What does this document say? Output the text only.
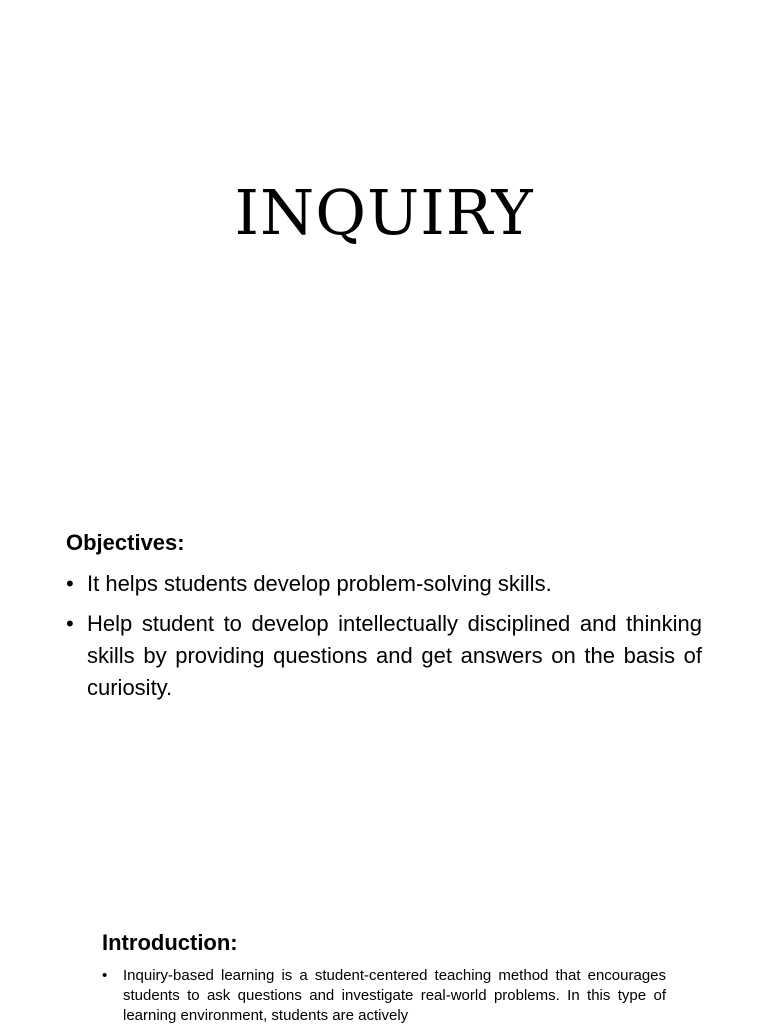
INQUIRY
Objectives:
• It helps students develop problem-solving skills.
• Help student to develop intellectually disciplined and thinking skills by providing questions and get answers on the basis of curiosity.
Introduction:
• Inquiry-based learning is a student-centered teaching method that encourages students to ask questions and investigate real-world problems. In this type of learning environment, students are actively
